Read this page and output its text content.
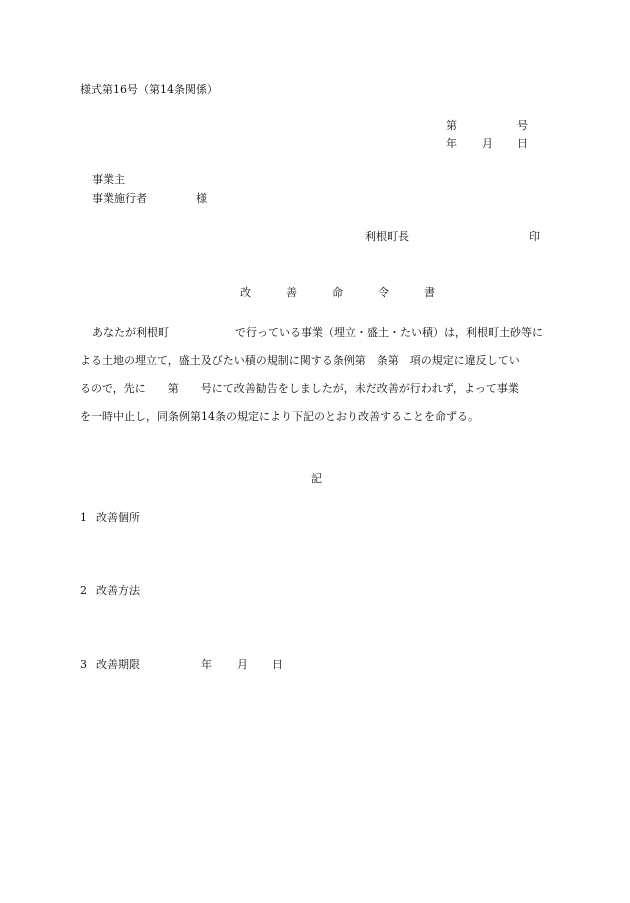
様式第16号（第14条関係）
第	号
年 月 日
事業主
事業施行者	様
利根町長	印
改	善	命	令	書
あなたが利根町　　　　　　で行っている事業（埋立・盛土・たい積）は，利根町土砂等に
よる土地の埋立て，盛土及びたい積の規制に関する条例第　条第　項の規定に違反してい
るので，先に　　第　　号にて改善勧告をしましたが，未だ改善が行われず，よって事業
を一時中止し，同条例第14条の規定により下記のとおり改善することを命ずる。
記
1 改善個所
2 改善方法
3 改善期限	年 月 日
